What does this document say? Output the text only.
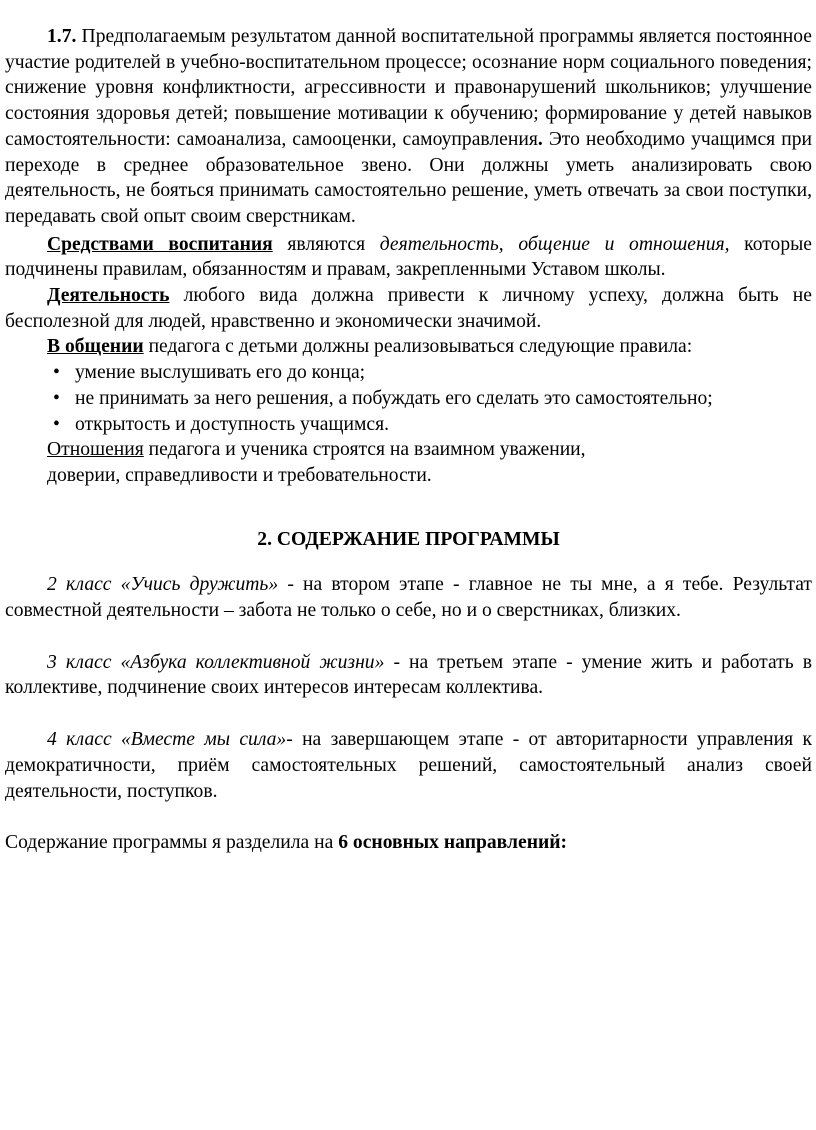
1.7. Предполагаемым результатом данной воспитательной программы является постоянное участие родителей в учебно-воспитательном процессе; осознание норм социального поведения; снижение уровня конфликтности, агрессивности и правонарушений школьников; улучшение состояния здоровья детей; повышение мотивации к обучению; формирование у детей навыков самостоятельности: самоанализа, самооценки, самоуправления. Это необходимо учащимся при переходе в среднее образовательное звено. Они должны уметь анализировать свою деятельность, не бояться принимать самостоятельно решение, уметь отвечать за свои поступки, передавать свой опыт своим сверстникам.

Средствами воспитания являются деятельность, общение и отношения, которые подчинены правилам, обязанностям и правам, закрепленными Уставом школы.

Деятельность любого вида должна привести к личному успеху, должна быть не бесполезной для людей, нравственно и экономически значимой.

В общении педагога с детьми должны реализовываться следующие правила:

• умение выслушивать его до конца;
• не принимать за него решения, а побуждать его сделать это самостоятельно;
• открытость и доступность учащимся.

Отношения педагога и ученика строятся на взаимном уважении,

доверии, справедливости и требовательности.

2. СОДЕРЖАНИЕ ПРОГРАММЫ

2 класс «Учись дружить» - на втором этапе - главное не ты мне, а я тебе. Результат совместной деятельности – забота не только о себе, но и о сверстниках, близких.

3 класс «Азбука коллективной жизни» - на третьем этапе - умение жить и работать в коллективе, подчинение своих интересов интересам коллектива.

4 класс «Вместе мы сила»- на завершающем этапе - от авторитарности управления к демократичности, приём самостоятельных решений, самостоятельный анализ своей деятельности, поступков.

Содержание программы я разделила на 6 основных направлений:
